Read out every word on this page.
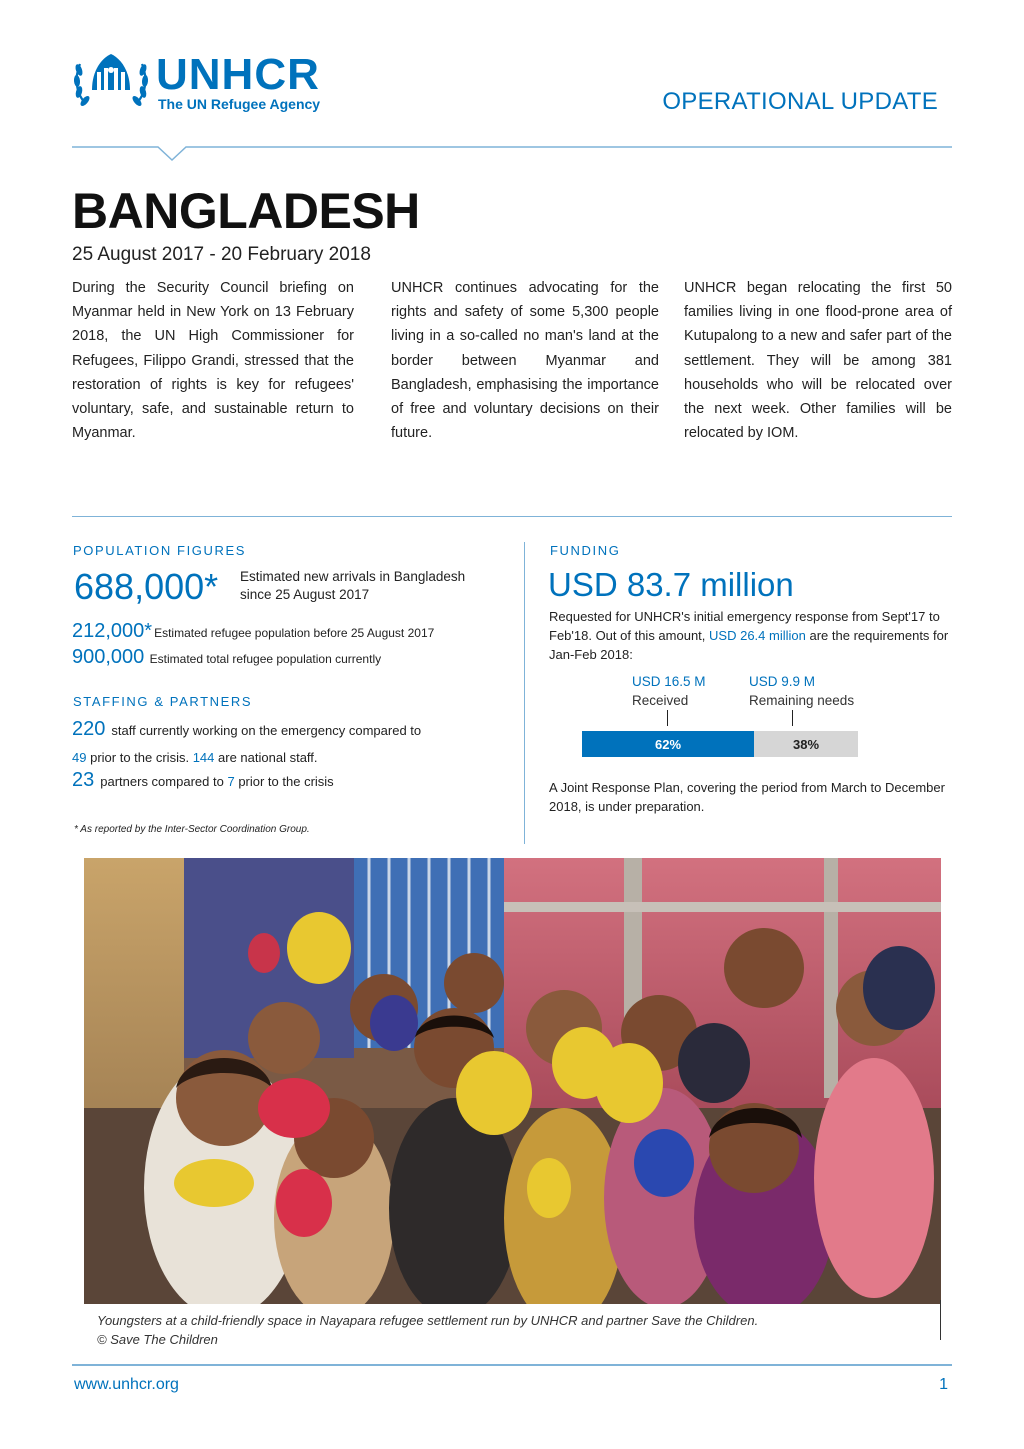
UNHCR
The UN Refugee Agency	OPERATIONAL UPDATE
BANGLADESH
25 August 2017 - 20 February 2018

During the Security Council briefing on Myanmar held in New York on 13 February 2018, the UN High Commissioner for Refugees, Filippo Grandi, stressed that the restoration of rights is key for refugees' voluntary, safe, and sustainable return to Myanmar.

UNHCR continues advocating for the rights and safety of some 5,300 people living in a so-called no man's land at the border between Myanmar and Bangladesh, emphasising the importance of free and voluntary decisions on their future.

UNHCR began relocating the first 50 families living in one flood-prone area of Kutupalong to a new and safer part of the settlement. They will be among 381 households who will be relocated over the next week. Other families will be relocated by IOM.

POPULATION FIGURES
688,000* Estimated new arrivals in Bangladesh since 25 August 2017
212,000* Estimated refugee population before 25 August 2017
900,000 Estimated total refugee population currently
STAFFING & PARTNERS
220 staff currently working on the emergency compared to
49 prior to the crisis. 144 are national staff.
23 partners compared to 7 prior to the crisis
* As reported by the Inter-Sector Coordination Group.
FUNDING
USD 83.7 million

Requested for UNHCR's initial emergency response from Sept'17 to Feb'18. Out of this amount, USD 26.4 million are the requirements for Jan-Feb 2018:

USD 16.5 M
Received
USD 9.9 M
Remaining needs
62%	38%

A Joint Response Plan, covering the period from March to December 2018, is under preparation.

Youngsters at a child-friendly space in Nayapara refugee settlement run by UNHCR and partner Save the Children.
© Save The Children

www.unhcr.org	1
